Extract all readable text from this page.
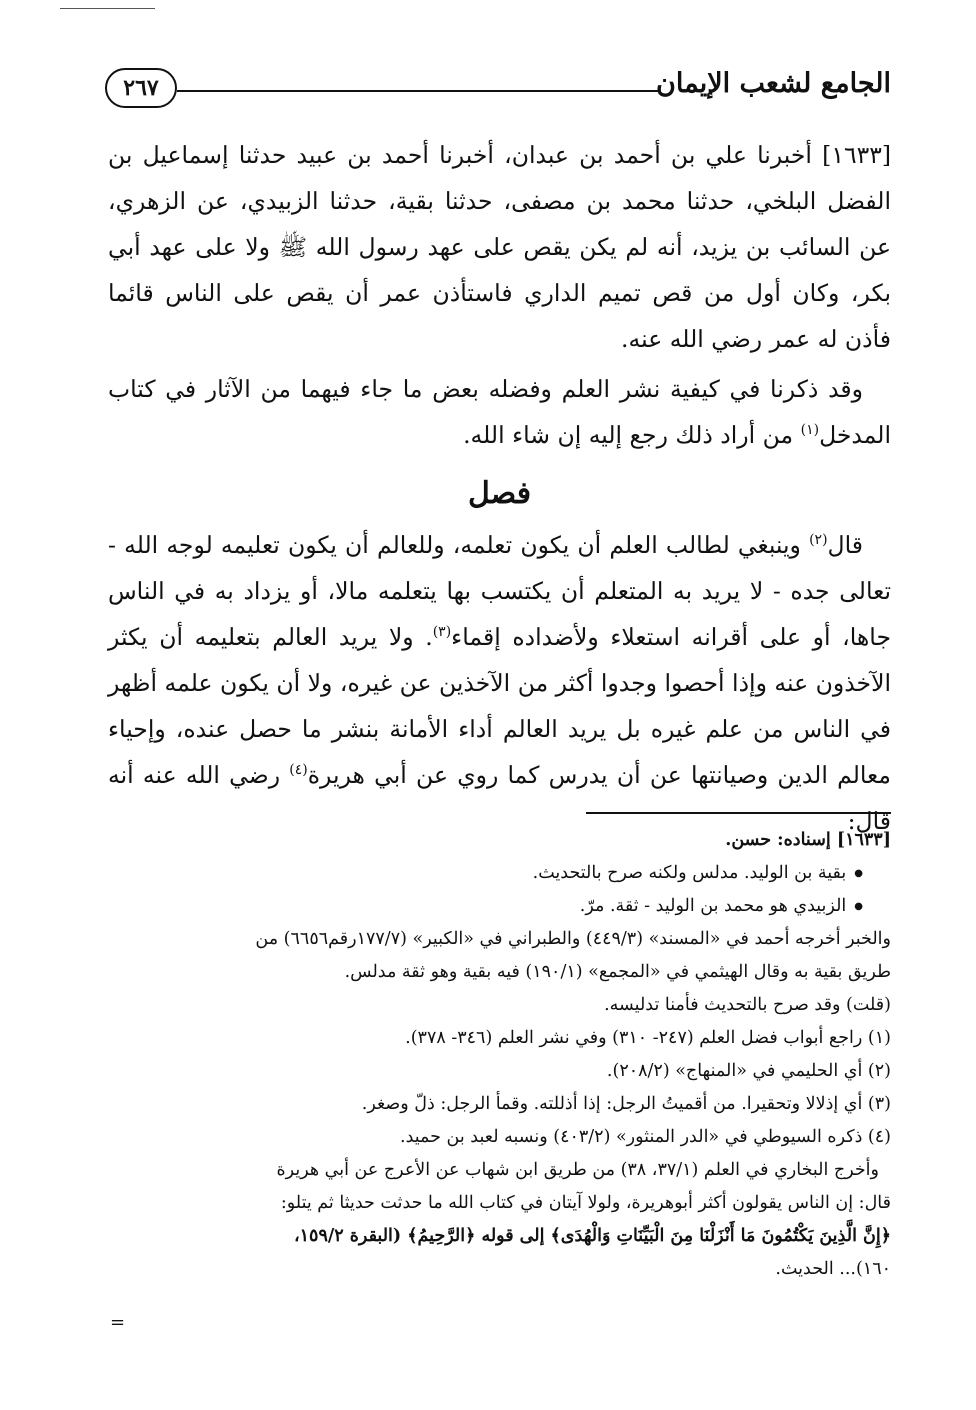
الجامع لشعب الإيمان
٢٦٧

[١٦٣٣] أخبرنا علي بن أحمد بن عبدان، أخبرنا أحمد بن عبيد حدثنا إسماعيل بن الفضل البلخي، حدثنا محمد بن مصفى، حدثنا بقية، حدثنا الزبيدي، عن الزهري، عن السائب بن يزيد، أنه لم يكن يقص على عهد رسول الله ﷺ ولا على عهد أبي بكر، وكان أول من قص تميم الداري فاستأذن عمر أن يقص على الناس قائما فأذن له عمر رضي الله عنه.

وقد ذكرنا في كيفية نشر العلم وفضله بعض ما جاء فيهما من الآثار في كتاب المدخل$^{(١)}$ من أراد ذلك رجع إليه إن شاء الله.

فصل

قال$^{(٢)}$ وينبغي لطالب العلم أن يكون تعلمه، وللعالم أن يكون تعليمه لوجه الله - تعالى جده - لا يريد به المتعلم أن يكتسب بها يتعلمه مالا، أو يزداد به في الناس جاها، أو على أقرانه استعلاء ولأضداده إقماء$^{(٣)}$. ولا يريد العالم بتعليمه أن يكثر الآخذون عنه وإذا أحصوا وجدوا أكثر من الآخذين عن غيره، ولا أن يكون علمه أظهر في الناس من علم غيره بل يريد العالم أداء الأمانة بنشر ما حصل عنده، وإحياء معالم الدين وصيانتها عن أن يدرس كما روي عن أبي هريرة$^{(٤)}$ رضي الله عنه أنه قال:

[١٦٣٣] إسناده: حسن.

● بقية بن الوليد. مدلس ولكنه صرح بالتحديث.
● الزبيدي هو محمد بن الوليد - ثقة. مرّ.

والخبر أخرجه أحمد في «المسند» (٤٤٩/٣) والطبراني في «الكبير» (١٧٧/٧رقم٦٦٥٦) من

طريق بقية به وقال الهيثمي في «المجمع» (١٩٠/١) فيه بقية وهو ثقة مدلس.

(قلت) وقد صرح بالتحديث فأمنا تدليسه.

(١) راجع أبواب فضل العلم (٢٤٧- ٣١٠) وفي نشر العلم (٣٤٦- ٣٧٨).

(٢) أي الحليمي في «المنهاج» (٢٠٨/٢).

(٣) أي إذلالا وتحقيرا. من أقميتُ الرجل: إذا أذللته. وقمأ الرجل: ذلّ وصغر.

(٤) ذكره السيوطي في «الدر المنثور» (٤٠٣/٢) ونسبه لعبد بن حميد.

وأخرج البخاري في العلم (٣٧/١، ٣٨) من طريق ابن شهاب عن الأعرج عن أبي هريرة

قال: إن الناس يقولون أكثر أبوهريرة، ولولا آيتان في كتاب الله ما حدثت حديثا ثم يتلو:

﴿إِنَّ الَّذِينَ يَكْتُمُونَ مَا أَنْزَلْنَا مِنَ الْبَيِّنَاتِ وَالْهُدَى﴾ إلى قوله ﴿الرَّحِيمُ﴾ (البقرة ١٥٩/٢،

١٦٠)... الحديث.

=
